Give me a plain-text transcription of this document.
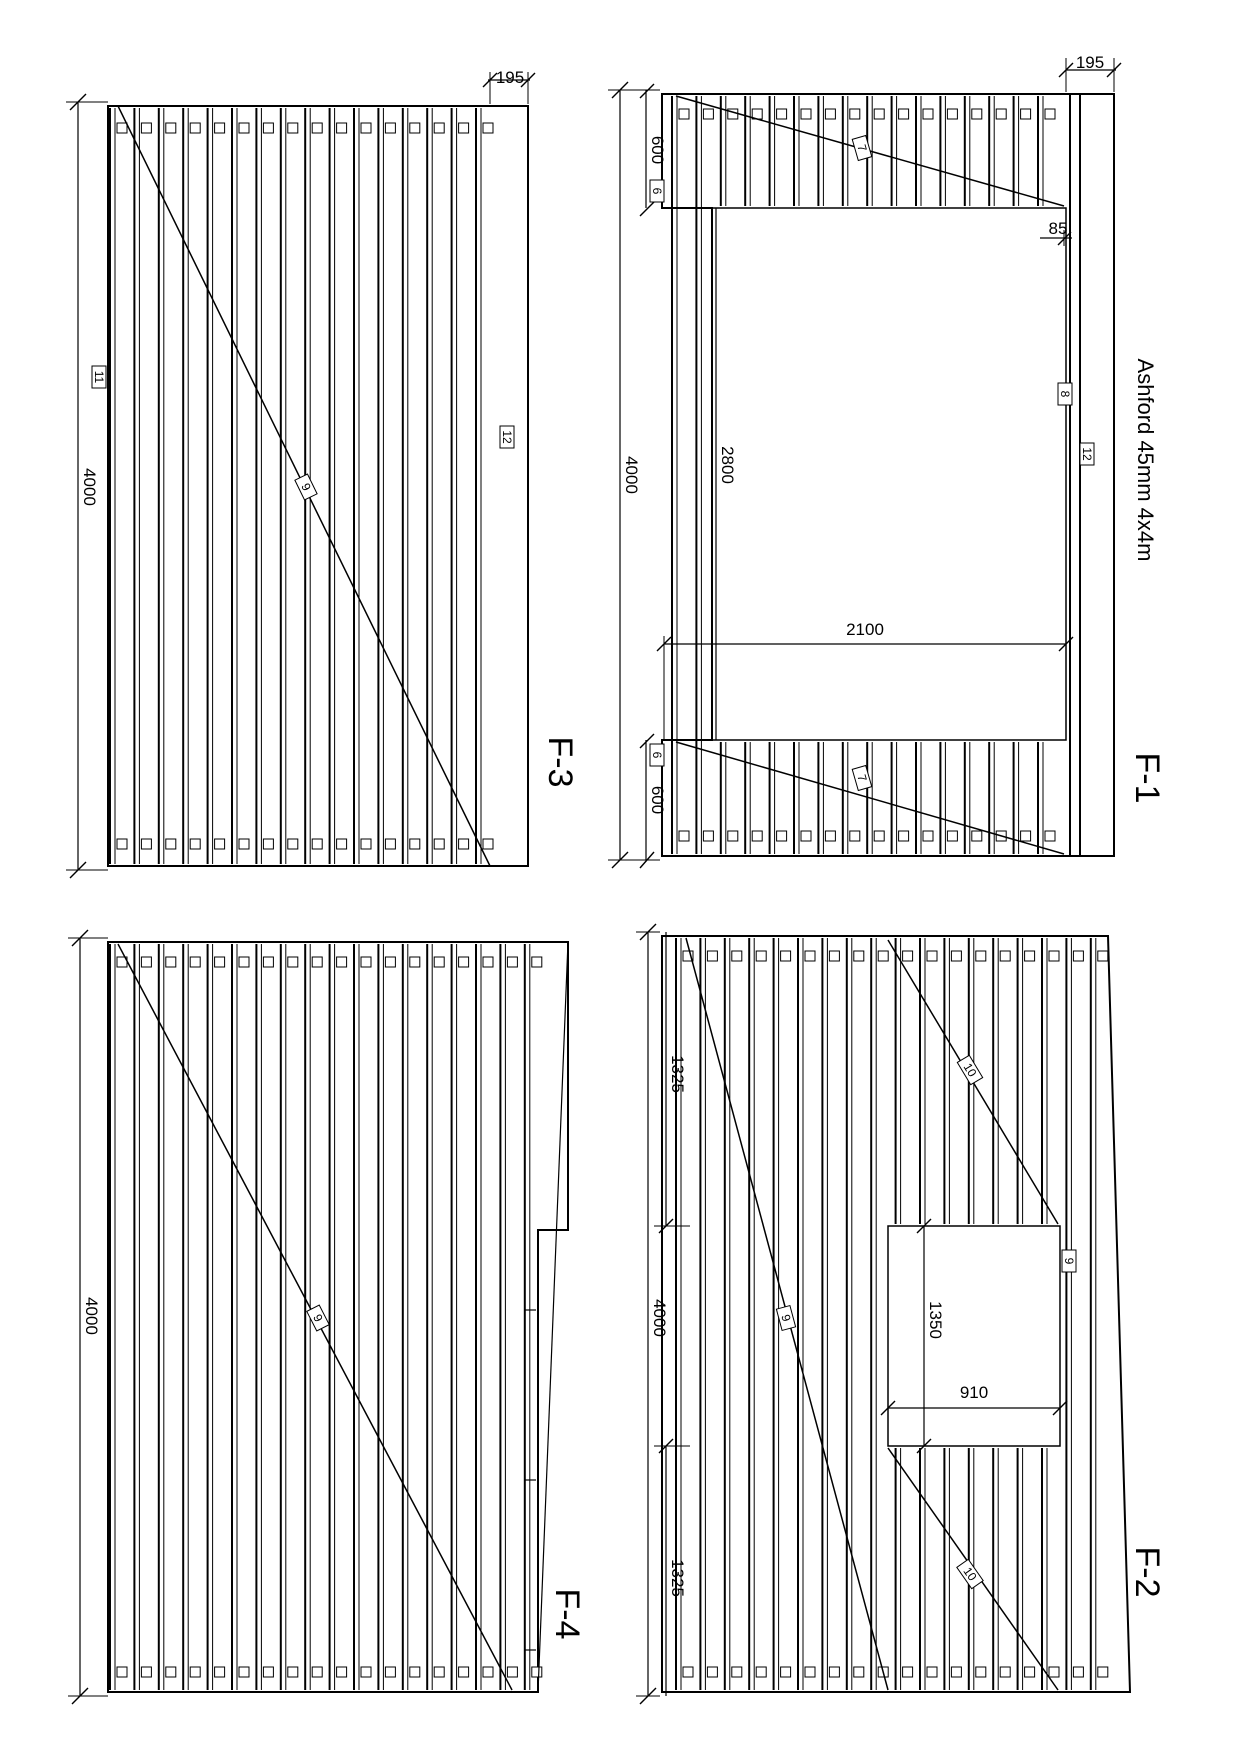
4000
195
11
12
9
F-3
4000
600
600
2800
2100
195
85
6
6
8
12
7
7
Ashford 45mm 4x4m
F-1
4000	9
F-4
4000
1325
1325
1350
910
9
9
10
10	F-2
